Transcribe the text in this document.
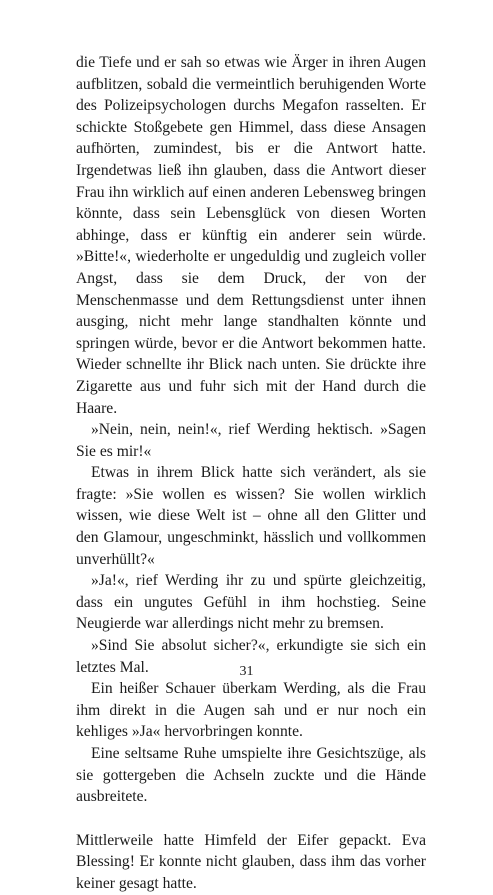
die Tiefe und er sah so etwas wie Ärger in ihren Augen aufblitzen, sobald die vermeintlich beruhigenden Worte des Polizeipsychologen durchs Megafon rasselten. Er schickte Stoßgebete gen Himmel, dass diese Ansagen aufhörten, zumindest, bis er die Antwort hatte. Irgendetwas ließ ihn glauben, dass die Antwort dieser Frau ihn wirklich auf einen anderen Lebensweg bringen könnte, dass sein Lebensglück von diesen Worten abhinge, dass er künftig ein anderer sein würde. »Bitte!«, wiederholte er ungeduldig und zugleich voller Angst, dass sie dem Druck, der von der Menschenmasse und dem Rettungsdienst unter ihnen ausging, nicht mehr lange standhalten könnte und springen würde, bevor er die Antwort bekommen hatte. Wieder schnellte ihr Blick nach unten. Sie drückte ihre Zigarette aus und fuhr sich mit der Hand durch die Haare.

»Nein, nein, nein!«, rief Werding hektisch. »Sagen Sie es mir!«

Etwas in ihrem Blick hatte sich verändert, als sie fragte: »Sie wollen es wissen? Sie wollen wirklich wissen, wie diese Welt ist – ohne all den Glitter und den Glamour, ungeschminkt, hässlich und vollkommen unverhüllt?«

»Ja!«, rief Werding ihr zu und spürte gleichzeitig, dass ein ungutes Gefühl in ihm hochstieg. Seine Neugierde war allerdings nicht mehr zu bremsen.

»Sind Sie absolut sicher?«, erkundigte sie sich ein letztes Mal.

Ein heißer Schauer überkam Werding, als die Frau ihm direkt in die Augen sah und er nur noch ein kehliges »Ja« hervorbringen konnte.

Eine seltsame Ruhe umspielte ihre Gesichtszüge, als sie gottergeben die Achseln zuckte und die Hände ausbreitete.

Mittlerweile hatte Himfeld der Eifer gepackt. Eva Blessing! Er konnte nicht glauben, dass ihm das vorher keiner gesagt hatte.

31
